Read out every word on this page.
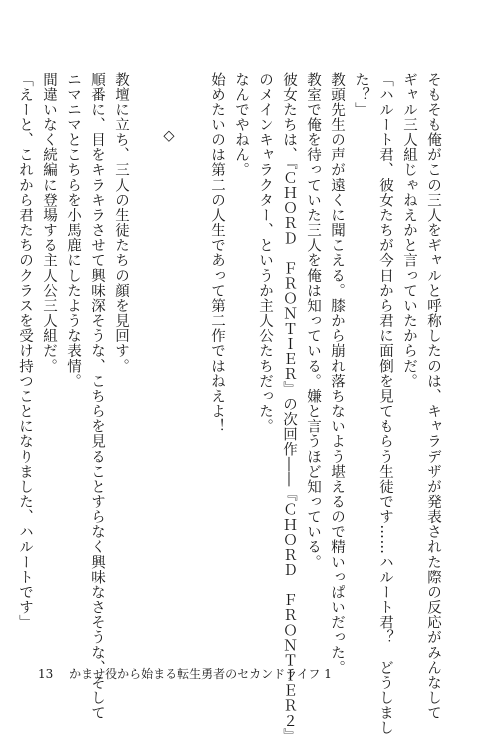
そもそも俺がこの三人をギャルと呼称したのは、キャラデザが発表された際の反応がみんなして
ギャル三人組じゃねえかと言っていたからだ。
「ハルート君、彼女たちが今日から君に面倒を見てもらう生徒です……ハルート君？　どうしまし
た？」
教頭先生の声が遠くに聞こえる。膝から崩れ落ちないよう堪えるので精いっぱいだった。
教室で俺を待っていた三人を俺は知っている。嫌と言うほど知っている。
彼女たちは、『ＣＨＯＲＤ　ＦＲＯＮＴＩＥＲ』の次回作――『ＣＨＯＲＤ　ＦＲＯＮＴＩＥＲ２』
のメインキャラクター、というか主人公たちだった。
なんでやねん。
始めたいのは第二の人生であって第二作ではねえよ！
◇
教壇に立ち、三人の生徒たちの顔を見回す。
順番に、目をキラキラさせて興味深そうな、こちらを見ることすらなく興味なさそうな、そして
ニマニマとこちらを小馬鹿にしたような表情。
間違いなく続編に登場する主人公三人組だ。
「えーと、これから君たちのクラスを受け持つことになりました、ハルートです」
13 かませ役から始まる転生勇者のセカンドライフ 1
